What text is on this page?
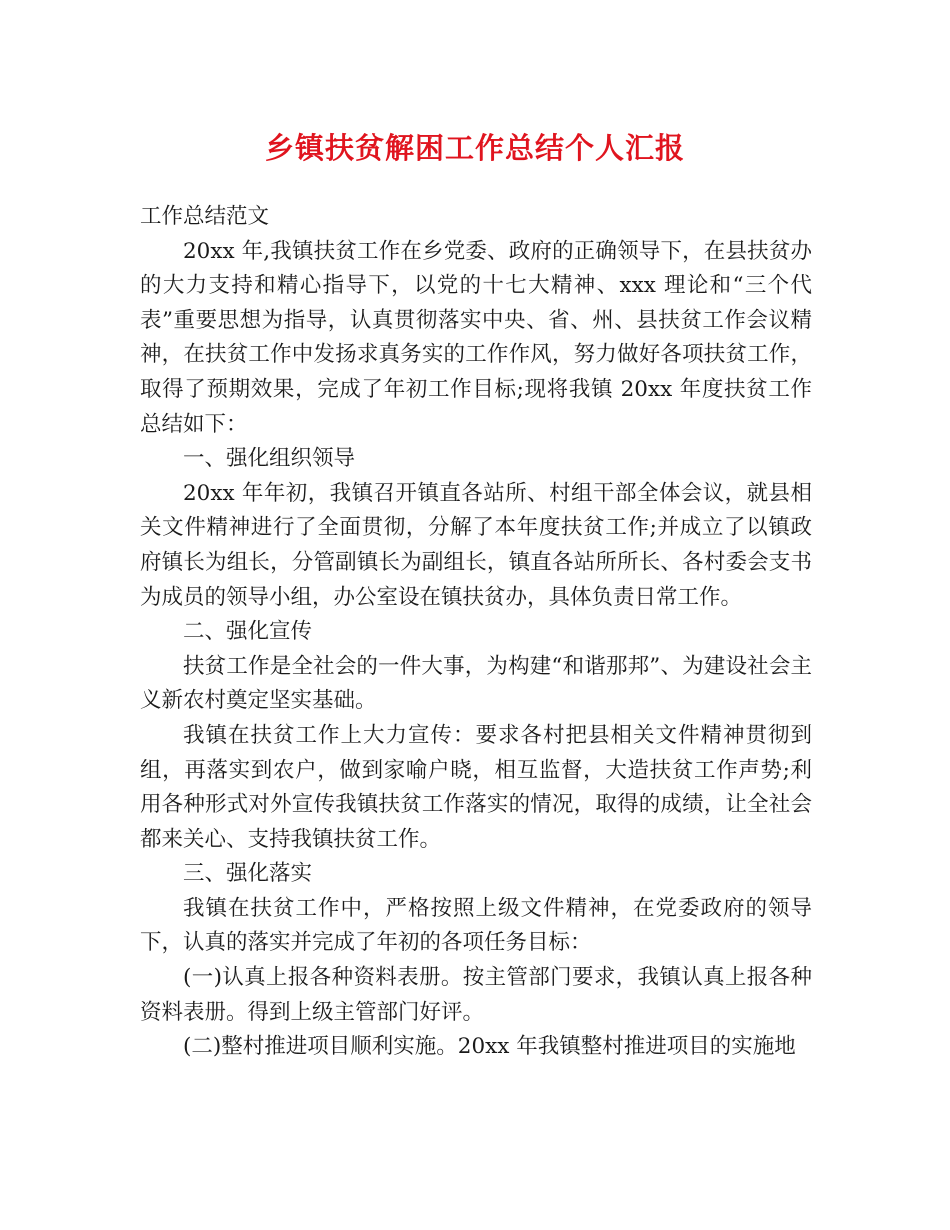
乡镇扶贫解困工作总结个人汇报

工作总结范文

20xx 年,我镇扶贫工作在乡党委、政府的正确领导下，在县扶贫办的大力支持和精心指导下，以党的十七大精神、xxx 理论和“三个代表”重要思想为指导，认真贯彻落实中央、省、州、县扶贫工作会议精神，在扶贫工作中发扬求真务实的工作作风，努力做好各项扶贫工作，取得了预期效果，完成了年初工作目标;现将我镇 20xx 年度扶贫工作总结如下：

一、强化组织领导

20xx 年年初，我镇召开镇直各站所、村组干部全体会议，就县相关文件精神进行了全面贯彻，分解了本年度扶贫工作;并成立了以镇政府镇长为组长，分管副镇长为副组长，镇直各站所所长、各村委会支书为成员的领导小组，办公室设在镇扶贫办，具体负责日常工作。

二、强化宣传

扶贫工作是全社会的一件大事，为构建“和谐那邦”、为建设社会主义新农村奠定坚实基础。

我镇在扶贫工作上大力宣传：要求各村把县相关文件精神贯彻到组，再落实到农户，做到家喻户晓，相互监督，大造扶贫工作声势;利用各种形式对外宣传我镇扶贫工作落实的情况，取得的成绩，让全社会都来关心、支持我镇扶贫工作。

三、强化落实

我镇在扶贫工作中，严格按照上级文件精神，在党委政府的领导下，认真的落实并完成了年初的各项任务目标：

(一)认真上报各种资料表册。按主管部门要求，我镇认真上报各种资料表册。得到上级主管部门好评。

(二)整村推进项目顺利实施。20xx 年我镇整村推进项目的实施地
